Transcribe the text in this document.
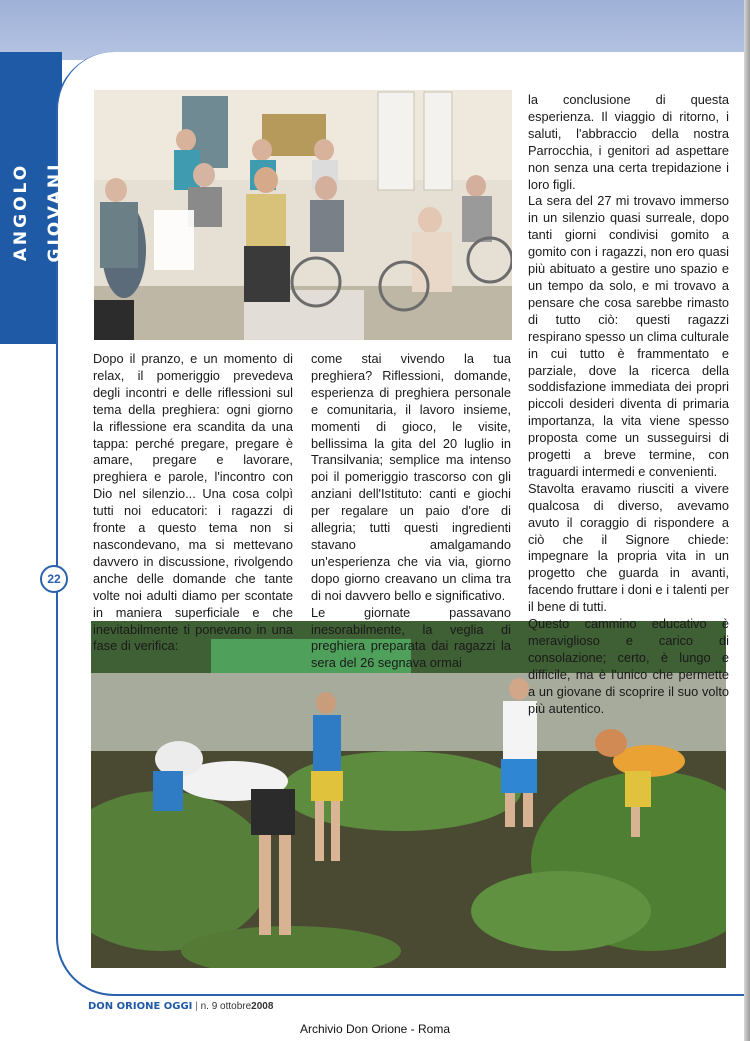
ANGOLO GIOVANI
22

Dopo il pranzo, e un momento di relax, il pomeriggio prevedeva degli incontri e delle riflessioni sul tema della preghiera: ogni giorno la riflessione era scandita da una tappa: perché pregare, pregare è amare, pregare e lavorare, preghiera e parole, l'incontro con Dio nel silenzio... Una cosa colpì tutti noi educatori: i ragazzi di fronte a questo tema non si nascondevano, ma si mettevano davvero in discussione, rivolgendo anche delle domande che tante volte noi adulti diamo per scontate in maniera superficiale e che inevitabilmente ti ponevano in una fase di verifica:

come stai vivendo la tua preghiera? Riflessioni, domande, esperienza di preghiera personale e comunitaria, il lavoro insieme, momenti di gioco, le visite, bellissima la gita del 20 luglio in Transilvania; semplice ma intenso poi il pomeriggio trascorso con gli anziani dell'Istituto: canti e giochi per regalare un paio d'ore di allegria; tutti questi ingredienti stavano amalgamando un'esperienza che via via, giorno dopo giorno creavano un clima tra di noi davvero bello e significativo.

Le giornate passavano inesorabilmente, la veglia di preghiera preparata dai ragazzi la sera del 26 segnava ormai

la conclusione di questa esperienza. Il viaggio di ritorno, i saluti, l'abbraccio della nostra Parrocchia, i genitori ad aspettare non senza una certa trepidazione i loro figli.

La sera del 27 mi trovavo immerso in un silenzio quasi surreale, dopo tanti giorni condivisi gomito a gomito con i ragazzi, non ero quasi più abituato a gestire uno spazio e un tempo da solo, e mi trovavo a pensare che cosa sarebbe rimasto di tutto ciò: questi ragazzi respirano spesso un clima culturale in cui tutto è frammentato e parziale, dove la ricerca della soddisfazione immediata dei propri piccoli desideri diventa di primaria importanza, la vita viene spesso proposta come un susseguirsi di progetti a breve termine, con traguardi intermedi e convenienti.

Stavolta eravamo riusciti a vivere qualcosa di diverso, avevamo avuto il coraggio di rispondere a ciò che il Signore chiede: impegnare la propria vita in un progetto che guarda in avanti, facendo fruttare i doni e i talenti per il bene di tutti.

Questo cammino educativo è meraviglioso e carico di consolazione; certo, è lungo e difficile, ma è l'unico che permette a un giovane di scoprire il suo volto più autentico.

DON ORIONE OGGI | n. 9 ottobre2008
Archivio Don Orione - Roma
